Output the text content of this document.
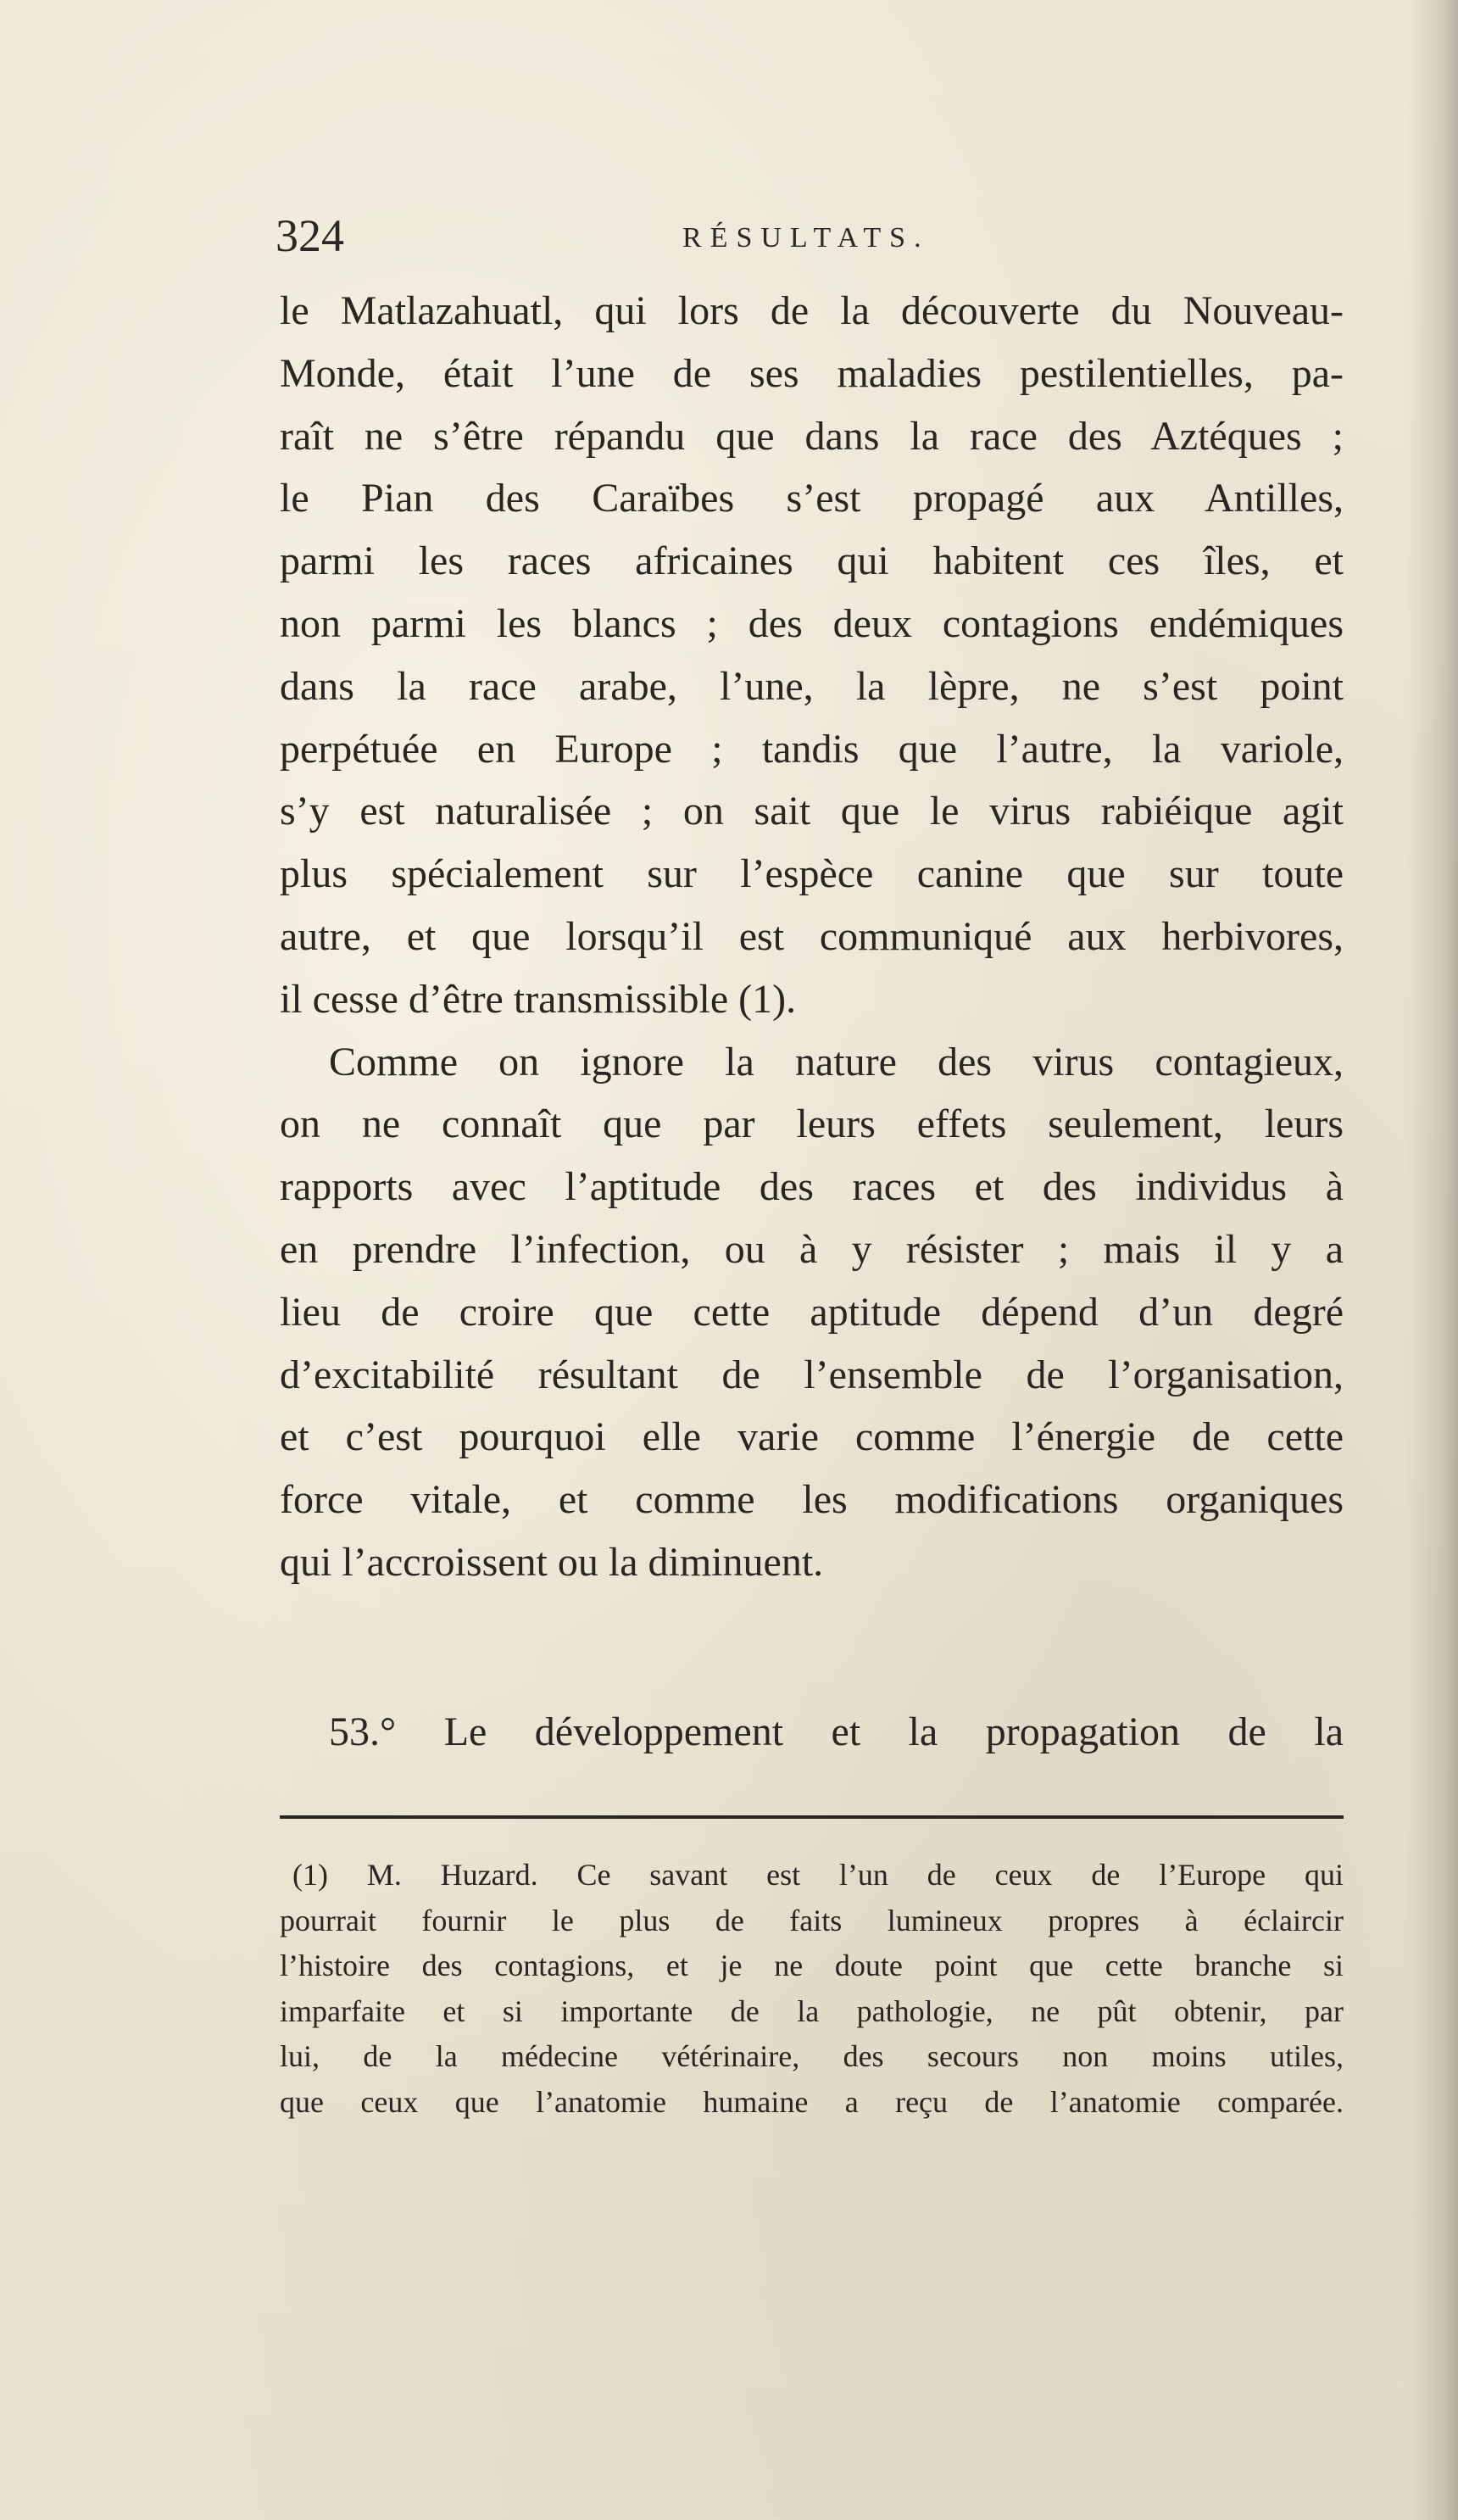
324	RÉSULTATS.
le Matlazahuatl, qui lors de la découverte du Nouveau-
Monde, était l’une de ses maladies pestilentielles, pa-
raît ne s’être répandu que dans la race des Aztéques ;
le Pian des Caraïbes s’est propagé aux Antilles,
parmi les races africaines qui habitent ces îles, et
non parmi les blancs ; des deux contagions endémiques
dans la race arabe, l’une, la lèpre, ne s’est point
perpétuée en Europe ; tandis que l’autre, la variole,
s’y est naturalisée ; on sait que le virus rabiéique agit
plus spécialement sur l’espèce canine que sur toute
autre, et que lorsqu’il est communiqué aux herbivores,
il cesse d’être transmissible (1).
Comme on ignore la nature des virus contagieux,
on ne connaît que par leurs effets seulement, leurs
rapports avec l’aptitude des races et des individus à
en prendre l’infection, ou à y résister ; mais il y a
lieu de croire que cette aptitude dépend d’un degré
d’excitabilité résultant de l’ensemble de l’organisation,
et c’est pourquoi elle varie comme l’énergie de cette
force vitale, et comme les modifications organiques
qui l’accroissent ou la diminuent.
53.° Le développement et la propagation de la
(1) M. Huzard. Ce savant est l’un de ceux de l’Europe qui
pourrait fournir le plus de faits lumineux propres à éclaircir
l’histoire des contagions, et je ne doute point que cette branche si
imparfaite et si importante de la pathologie, ne pût obtenir, par
lui, de la médecine vétérinaire, des secours non moins utiles,
que ceux que l’anatomie humaine a reçu de l’anatomie comparée.
